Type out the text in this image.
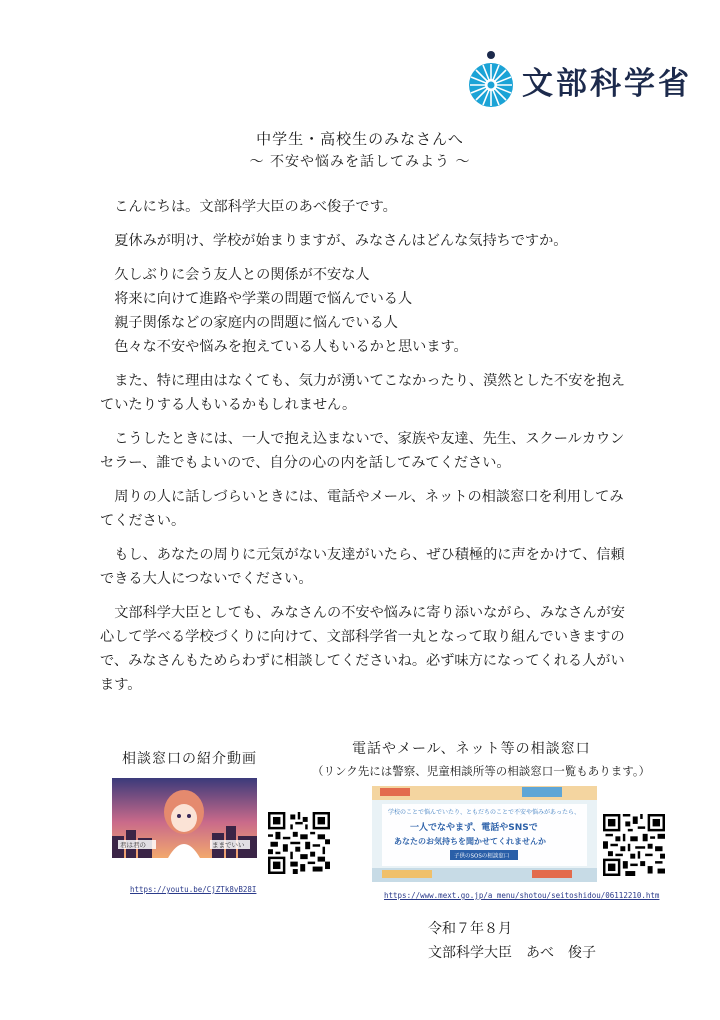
文部科学省
中学生・高校生のみなさんへ
～ 不安や悩みを話してみよう ～

こんにちは。文部科学大臣のあべ俊子です。

夏休みが明け、学校が始まりますが、みなさんはどんな気持ちですか。

久しぶりに会う友人との関係が不安な人

将来に向けて進路や学業の問題で悩んでいる人

親子関係などの家庭内の問題に悩んでいる人

色々な不安や悩みを抱えている人もいるかと思います。

また、特に理由はなくても、気力が湧いてこなかったり、漠然とした不安を抱えていたりする人もいるかもしれません。

こうしたときには、一人で抱え込まないで、家族や友達、先生、スクールカウンセラー、誰でもよいので、自分の心の内を話してみてください。

周りの人に話しづらいときには、電話やメール、ネットの相談窓口を利用してみてください。

もし、あなたの周りに元気がない友達がいたら、ぜひ積極的に声をかけて、信頼できる大人につないでください。

文部科学大臣としても、みなさんの不安や悩みに寄り添いながら、みなさんが安心して学べる学校づくりに向けて、文部科学省一丸となって取り組んでいきますので、みなさんもためらわずに相談してくださいね。必ず味方になってくれる人がいます。

相談窓口の紹介動画
君は君の	ままでいい
https://youtu.be/CjZTk8vB28I
電話やメール、ネット等の相談窓口
（リンク先には警察、児童相談所等の相談窓口一覧もあります。）
学校のことで悩んでいたり、ともだちのことで不安や悩みがあったら、
一人でなやまず、電話やSNSで
あなたのお気持ちを聞かせてくれませんか
子供のSOSの相談窓口
https://www.mext.go.jp/a_menu/shotou/seitoshidou/06112210.htm
令和７年８月
文部科学大臣　あべ　俊子
